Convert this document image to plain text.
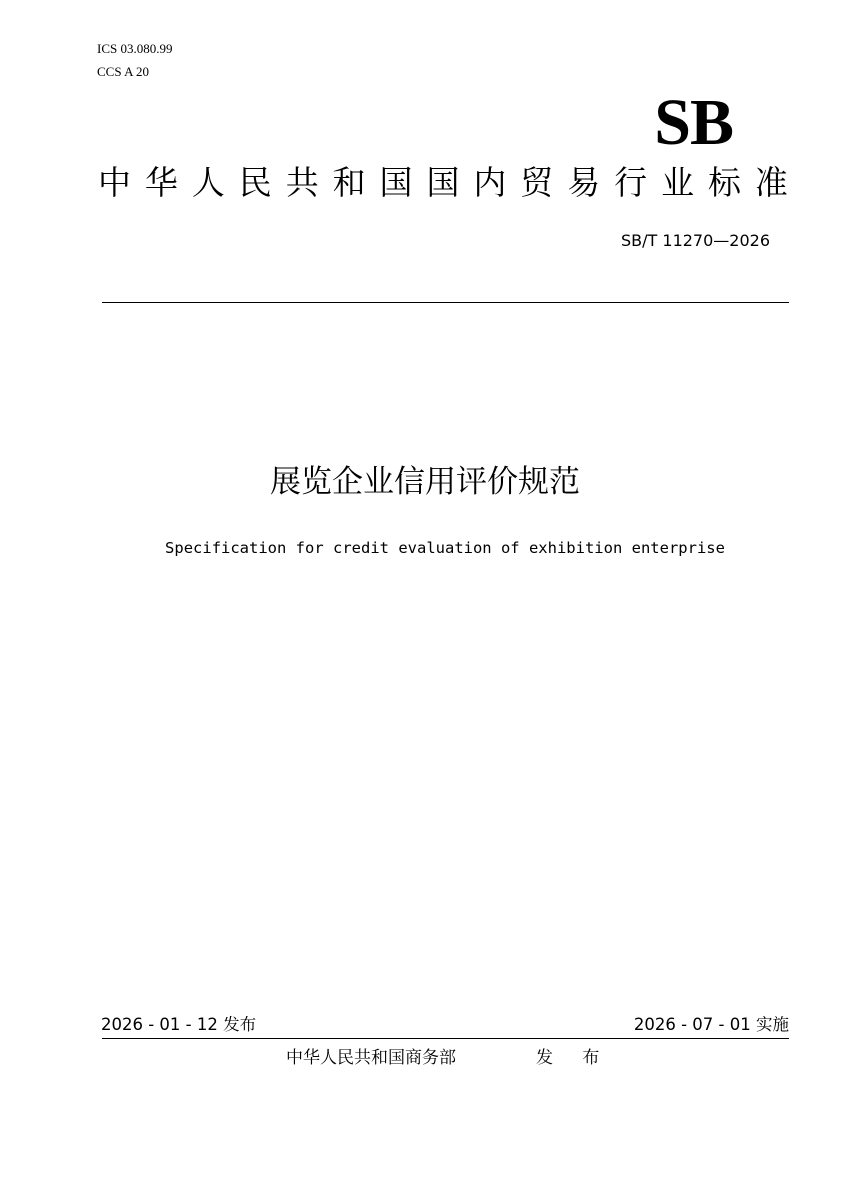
ICS 03.080.99
CCS A 20
SB
中 华 人 民 共 和 国 国 内 贸 易 行 业 标 准
SB/T 11270—2026
展览企业信用评价规范
Specification for credit evaluation of exhibition enterprise
2026 - 01 - 12 发布	2026 - 07 - 01 实施
中华人民共和国商务部	发 布
